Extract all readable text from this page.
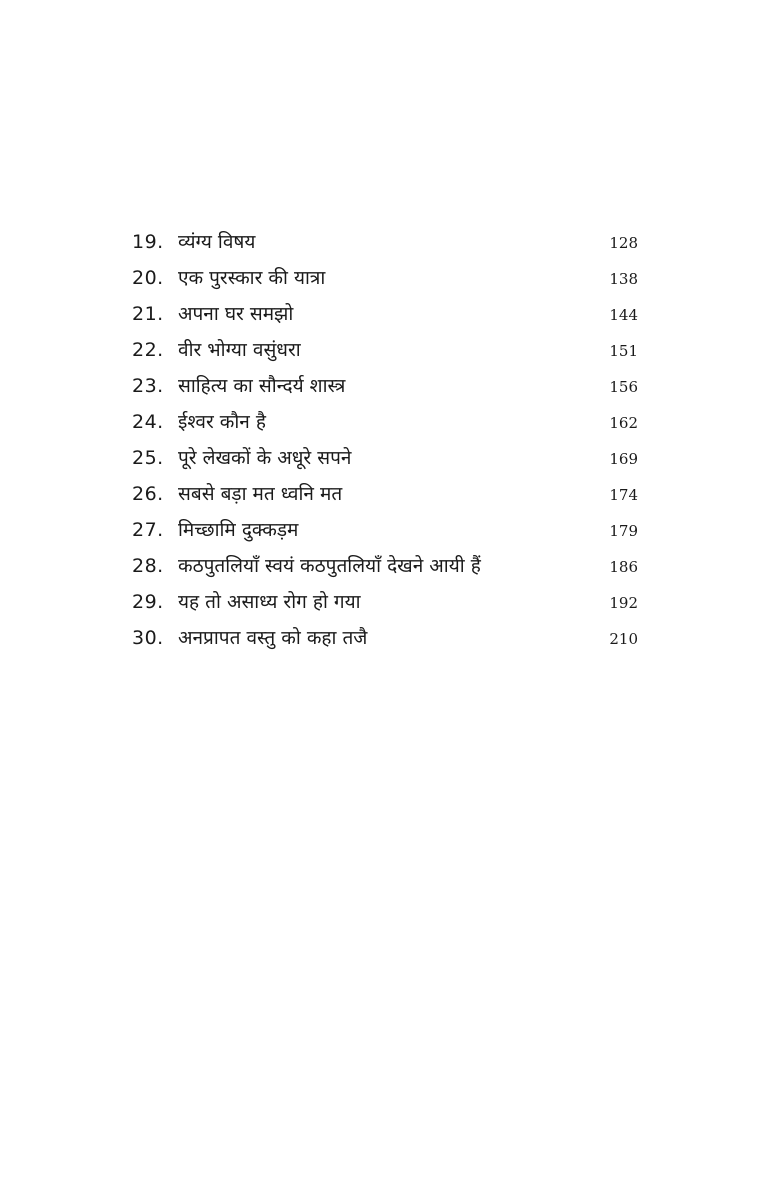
19. व्यंग्य विषय	128
20. एक पुरस्कार की यात्रा	138
21. अपना घर समझो	144
22. वीर भोग्या वसुंधरा	151
23. साहित्य का सौन्दर्य शास्त्र	156
24. ईश्वर कौन है	162
25. पूरे लेखकों के अधूरे सपने	169
26. सबसे बड़ा मत ध्वनि मत	174
27. मिच्छामि दुक्कड़म	179
28. कठपुतलियाँ स्वयं कठपुतलियाँ देखने आयी हैं	186
29. यह तो असाध्य रोग हो गया	192
30. अनप्रापत वस्तु को कहा तजै	210
